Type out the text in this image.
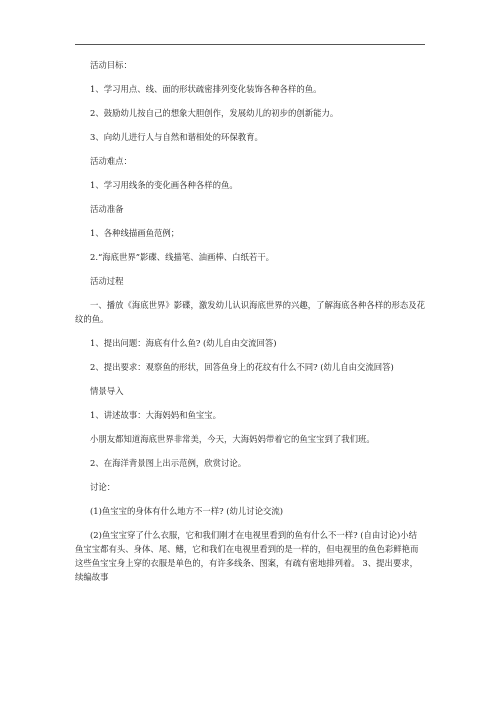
活动目标：

1、学习用点、线、面的形状疏密排列变化装饰各种各样的鱼。

2、鼓励幼儿按自己的想象大胆创作，发展幼儿的初步的创新能力。

3、向幼儿进行人与自然和谐相处的环保教育。

活动难点：

1、学习用线条的变化画各种各样的鱼。

活动准备

1、各种线描画鱼范例；

2.“海底世界”影碟、线描笔、油画棒、白纸若干。

活动过程

一、播放《海底世界》影碟，激发幼儿认识海底世界的兴趣，了解海底各种各样的形态及花纹的鱼。

1、提出问题：海底有什么鱼? (幼儿自由交流回答)

2、提出要求：观察鱼的形状，回答鱼身上的花纹有什么不同? (幼儿自由交流回答)

情景导入

1、讲述故事：大海妈妈和鱼宝宝。

小朋友都知道海底世界非常美，今天，大海妈妈带着它的鱼宝宝到了我们班。

2、在海洋背景图上出示范例，欣赏讨论。

讨论：

(1)鱼宝宝的身体有什么地方不一样? (幼儿讨论交流)

(2)鱼宝宝穿了什么衣服，它和我们刚才在电视里看到的鱼有什么不一样? (自由讨论)小结 鱼宝宝都有头、身体、尾、鳍，它和我们在电视里看到的是一样的，但电视里的鱼色彩鲜艳而这些鱼宝宝身上穿的衣服是单色的，有许多线条、图案，有疏有密地排列着。 3、提出要求，续编故事
